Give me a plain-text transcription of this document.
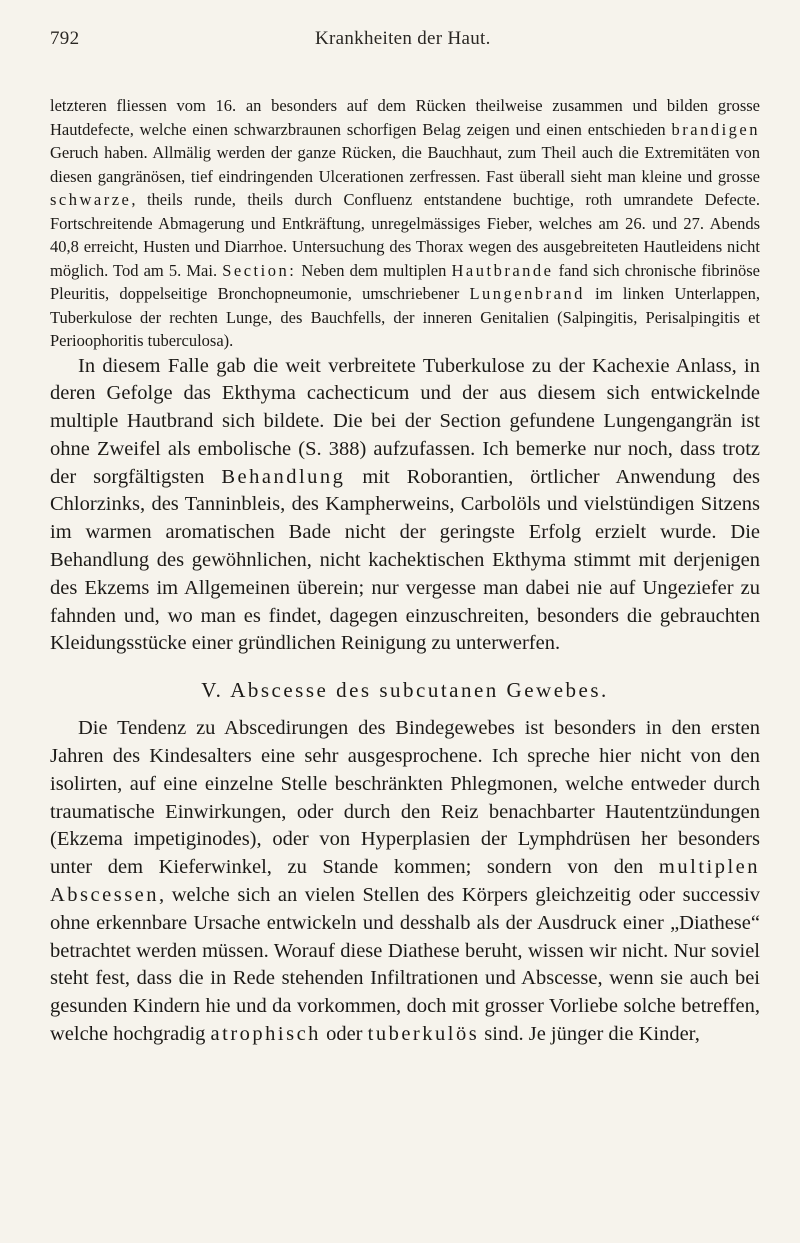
792	Krankheiten der Haut.

letzteren fliessen vom 16. an besonders auf dem Rücken theilweise zusammen und bilden grosse Hautdefecte, welche einen schwarzbraunen schorfigen Belag zeigen und einen entschieden brandigen Geruch haben. Allmälig werden der ganze Rücken, die Bauchhaut, zum Theil auch die Extremitäten von diesen gangränösen, tief eindringenden Ulcerationen zerfressen. Fast überall sieht man kleine und grosse schwarze, theils runde, theils durch Confluenz entstandene buchtige, roth umrandete Defecte. Fortschreitende Abmagerung und Entkräftung, unregelmässiges Fieber, welches am 26. und 27. Abends 40,8 erreicht, Husten und Diarrhoe. Untersuchung des Thorax wegen des ausgebreiteten Hautleidens nicht möglich. Tod am 5. Mai. Section: Neben dem multiplen Hautbrande fand sich chronische fibrinöse Pleuritis, doppelseitige Bronchopneumonie, umschriebener Lungenbrand im linken Unterlappen, Tuberkulose der rechten Lunge, des Bauchfells, der inneren Genitalien (Salpingitis, Perisalpingitis et Perioophoritis tuberculosa).

In diesem Falle gab die weit verbreitete Tuberkulose zu der Kachexie Anlass, in deren Gefolge das Ekthyma cachecticum und der aus diesem sich entwickelnde multiple Hautbrand sich bildete. Die bei der Section gefundene Lungengangrän ist ohne Zweifel als embolische (S. 388) aufzufassen. Ich bemerke nur noch, dass trotz der sorgfältigsten Behandlung mit Roborantien, örtlicher Anwendung des Chlorzinks, des Tanninbleis, des Kampherweins, Carbolöls und vielstündigen Sitzens im warmen aromatischen Bade nicht der geringste Erfolg erzielt wurde. Die Behandlung des gewöhnlichen, nicht kachektischen Ekthyma stimmt mit derjenigen des Ekzems im Allgemeinen überein; nur vergesse man dabei nie auf Ungeziefer zu fahnden und, wo man es findet, dagegen einzuschreiten, besonders die gebrauchten Kleidungsstücke einer gründlichen Reinigung zu unterwerfen.

V. Abscesse des subcutanen Gewebes.

Die Tendenz zu Abscedirungen des Bindegewebes ist besonders in den ersten Jahren des Kindesalters eine sehr ausgesprochene. Ich spreche hier nicht von den isolirten, auf eine einzelne Stelle beschränkten Phlegmonen, welche entweder durch traumatische Einwirkungen, oder durch den Reiz benachbarter Hautentzündungen (Ekzema impetiginodes), oder von Hyperplasien der Lymphdrüsen her besonders unter dem Kieferwinkel, zu Stande kommen; sondern von den multiplen Abscessen, welche sich an vielen Stellen des Körpers gleichzeitig oder successiv ohne erkennbare Ursache entwickeln und desshalb als der Ausdruck einer „Diathese“ betrachtet werden müssen. Worauf diese Diathese beruht, wissen wir nicht. Nur soviel steht fest, dass die in Rede stehenden Infiltrationen und Abscesse, wenn sie auch bei gesunden Kindern hie und da vorkommen, doch mit grosser Vorliebe solche betreffen, welche hochgradig atrophisch oder tuberkulös sind. Je jünger die Kinder,
